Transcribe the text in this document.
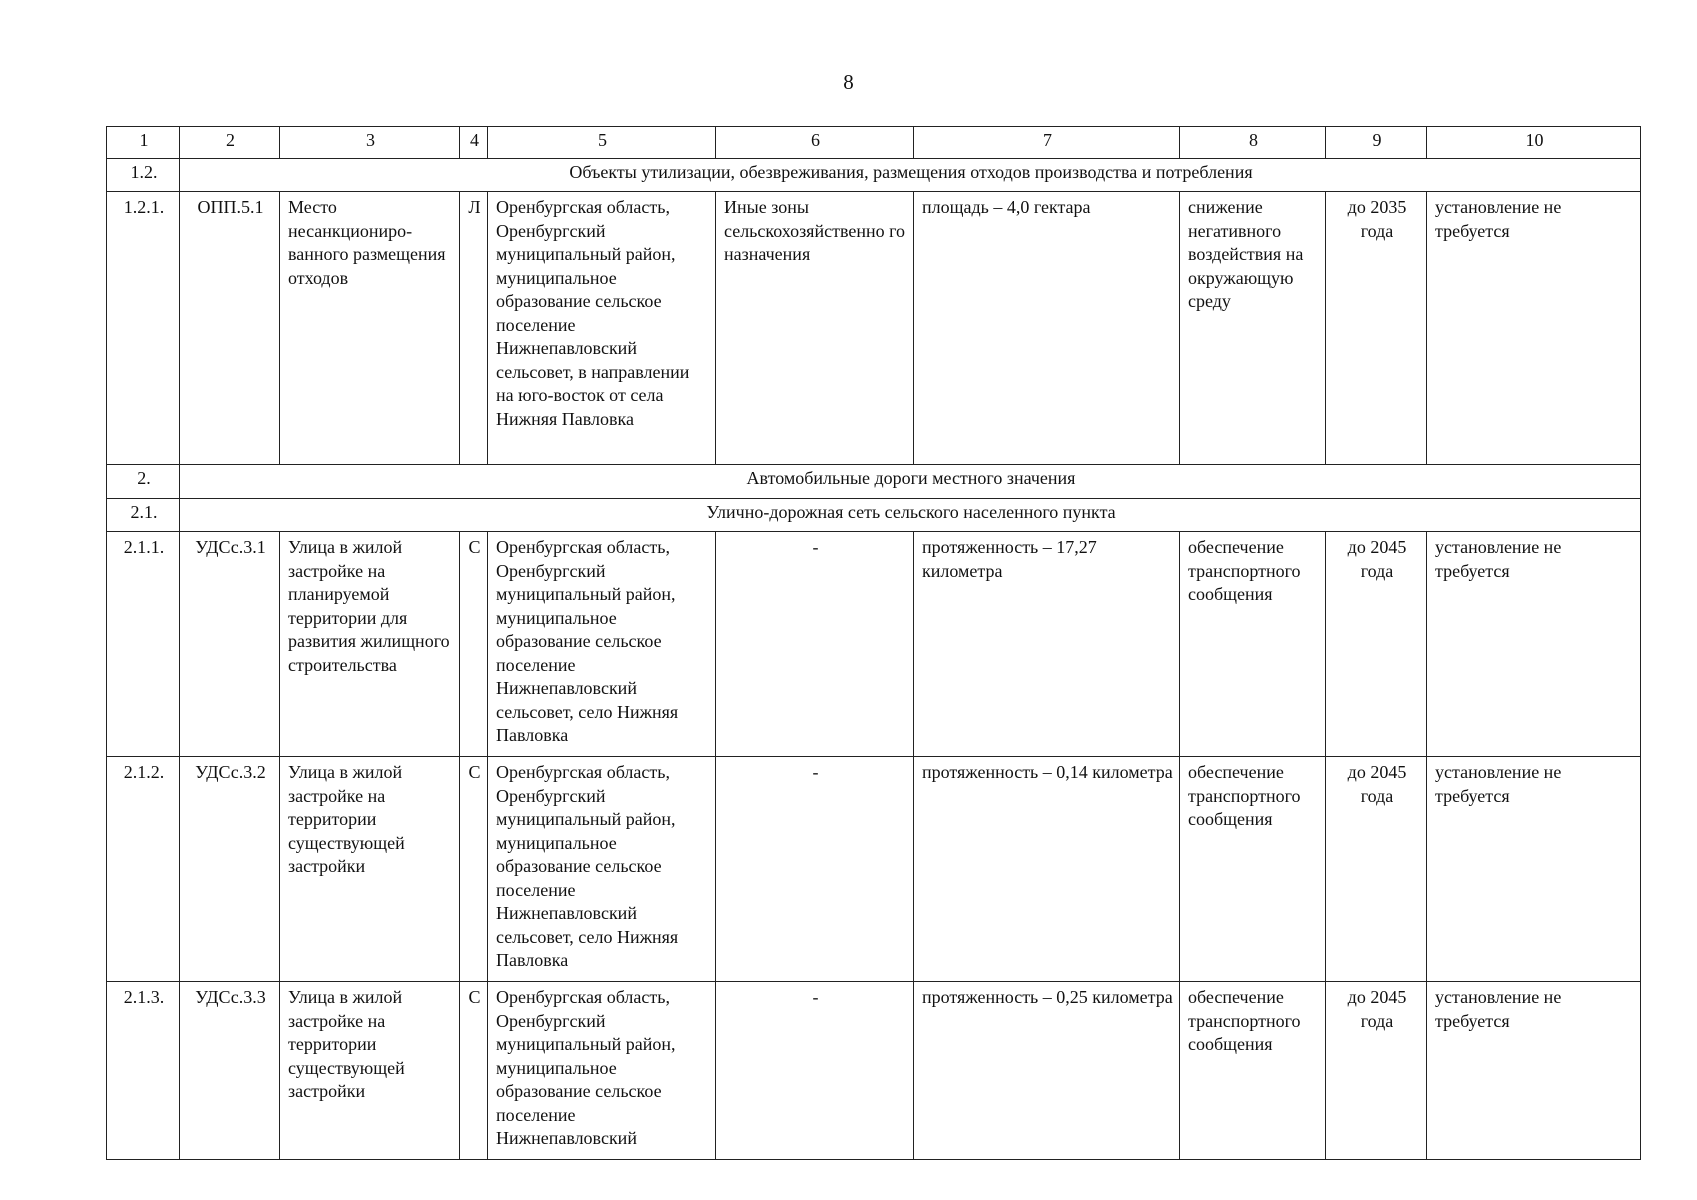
8
1	2	3	4	5	6	7	8	9	10
1.2.	Объекты утилизации, обезвреживания, размещения отходов производства и потребления								
1.2.1.	ОПП.5.1	Место несанкциониро-ванного размещения отходов	Л	Оренбургская область, Оренбургский муниципальный район, муниципальное образование сельское поселение Нижнепавловский сельсовет, в направлении на юго-восток от села Нижняя Павловка	Иные зоны сельскохозяйственно го назначения	площадь – 4,0 гектара	снижение негативного воздействия на окружающую среду	до 2035 года	установление не требуется
2.	Автомобильные дороги местного значения								
2.1.	Улично-дорожная сеть сельского населенного пункта								
2.1.1.	УДСс.3.1	Улица в жилой застройке на планируемой территории для развития жилищного строительства	С	Оренбургская область, Оренбургский муниципальный район, муниципальное образование сельское поселение Нижнепавловский сельсовет, село Нижняя Павловка	-	протяженность – 17,27 километра	обеспечение транспортного сообщения	до 2045 года	установление не требуется
2.1.2.	УДСс.3.2	Улица в жилой застройке на территории существующей застройки	С	Оренбургская область, Оренбургский муниципальный район, муниципальное образование сельское поселение Нижнепавловский сельсовет, село Нижняя Павловка	-	протяженность – 0,14 километра	обеспечение транспортного сообщения	до 2045 года	установление не требуется
2.1.3.	УДСс.3.3	Улица в жилой застройке на территории существующей застройки	С	Оренбургская область, Оренбургский муниципальный район, муниципальное образование сельское поселение Нижнепавловский	-	протяженность – 0,25 километра	обеспечение транспортного сообщения	до 2045 года	установление не требуется
